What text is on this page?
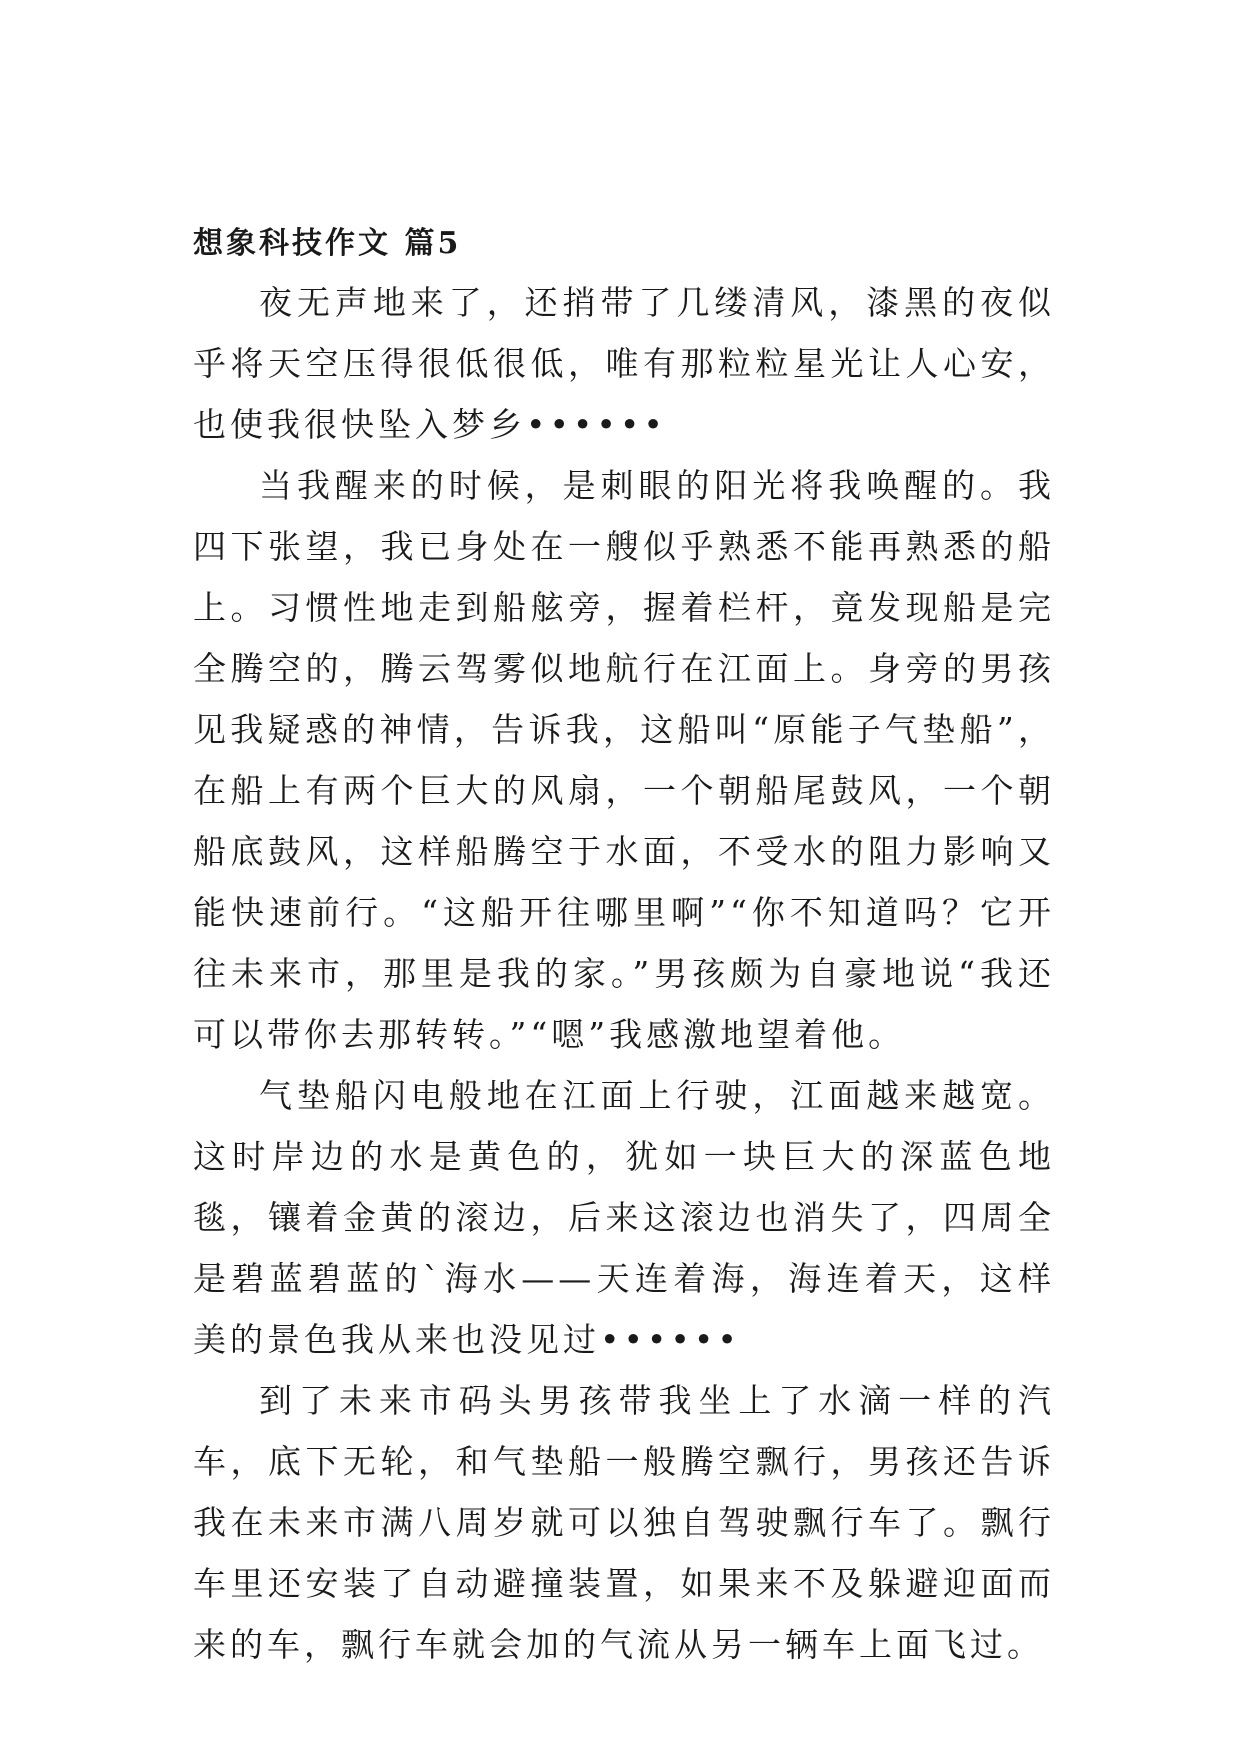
想象科技作文 篇5

夜无声地来了，还捎带了几缕清风，漆黑的夜似乎将天空压得很低很低，唯有那粒粒星光让人心安，也使我很快坠入梦乡••••••

当我醒来的时候，是刺眼的阳光将我唤醒的。我四下张望，我已身处在一艘似乎熟悉不能再熟悉的船上。习惯性地走到船舷旁，握着栏杆，竟发现船是完全腾空的，腾云驾雾似地航行在江面上。身旁的男孩见我疑惑的神情，告诉我，这船叫“原能子气垫船”，在船上有两个巨大的风扇，一个朝船尾鼓风，一个朝船底鼓风，这样船腾空于水面，不受水的阻力影响又能快速前行。“这船开往哪里啊”“你不知道吗？它开往未来市，那里是我的家。”男孩颇为自豪地说“我还可以带你去那转转。”“嗯”我感激地望着他。

气垫船闪电般地在江面上行驶，江面越来越宽。这时岸边的水是黄色的，犹如一块巨大的深蓝色地毯，镶着金黄的滚边，后来这滚边也消失了，四周全是碧蓝碧蓝的`海水——天连着海，海连着天，这样美的景色我从来也没见过••••••

到了未来市码头男孩带我坐上了水滴一样的汽车，底下无轮，和气垫船一般腾空飘行，男孩还告诉我在未来市满八周岁就可以独自驾驶飘行车了。飘行车里还安装了自动避撞装置，如果来不及躲避迎面而来的车，飘行车就会加的气流从另一辆车上面飞过。
